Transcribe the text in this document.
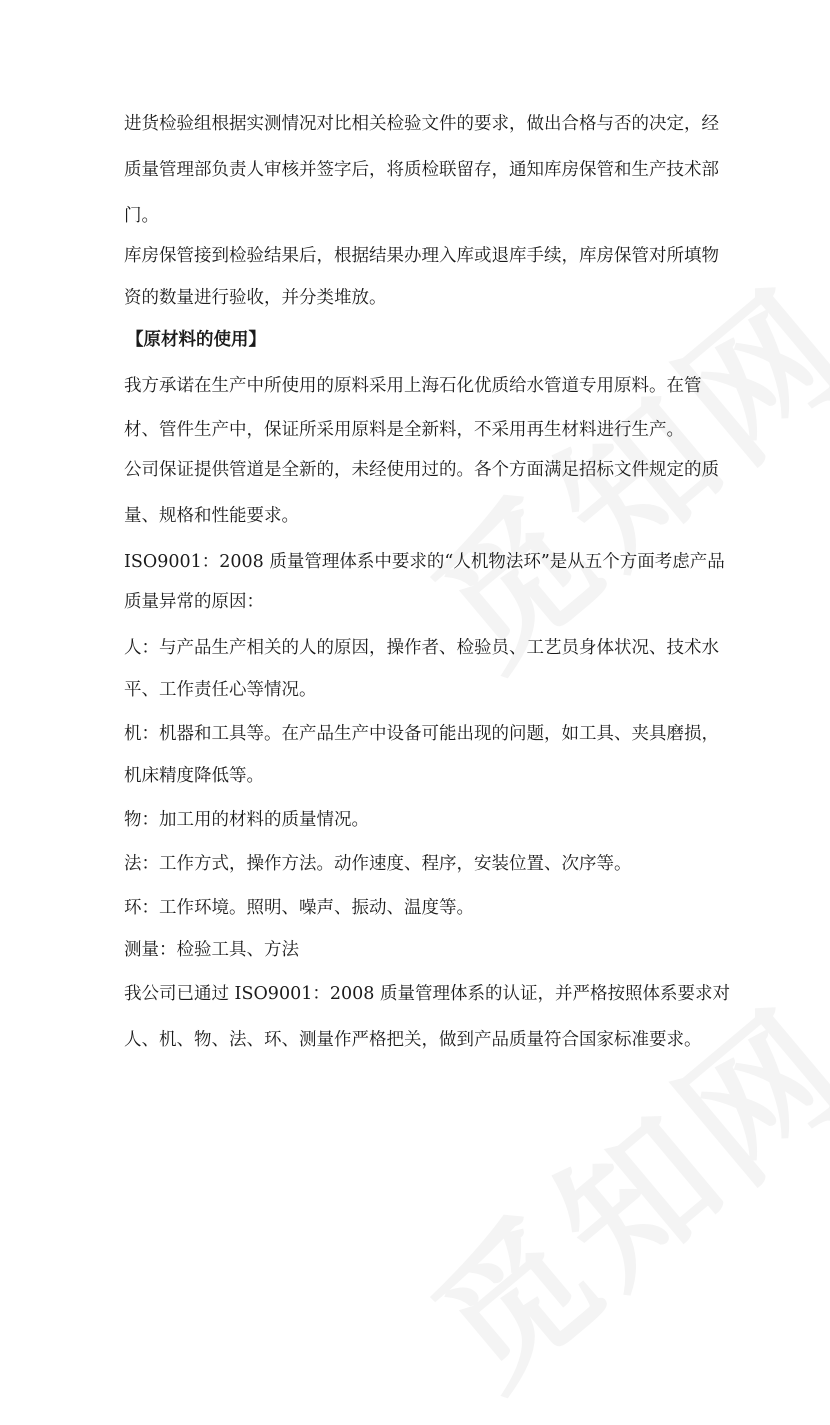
进货检验组根据实测情况对比相关检验文件的要求，做出合格与否的决定，经
质量管理部负责人审核并签字后，将质检联留存，通知库房保管和生产技术部
门。
库房保管接到检验结果后，根据结果办理入库或退库手续，库房保管对所填物
资的数量进行验收，并分类堆放。
【原材料的使用】
我方承诺在生产中所使用的原料采用上海石化优质给水管道专用原料。在管
材、管件生产中，保证所采用原料是全新料，不采用再生材料进行生产。
公司保证提供管道是全新的，未经使用过的。各个方面满足招标文件规定的质
量、规格和性能要求。
ISO9001：2008 质量管理体系中要求的“人机物法环”是从五个方面考虑产品
质量异常的原因：
人：与产品生产相关的人的原因，操作者、检验员、工艺员身体状况、技术水
平、工作责任心等情况。
机：机器和工具等。在产品生产中设备可能出现的问题，如工具、夹具磨损，
机床精度降低等。
物：加工用的材料的质量情况。
法：工作方式，操作方法。动作速度、程序，安装位置、次序等。
环：工作环境。照明、噪声、振动、温度等。
测量：检验工具、方法
我公司已通过 ISO9001：2008 质量管理体系的认证，并严格按照体系要求对
人、机、物、法、环、测量作严格把关，做到产品质量符合国家标准要求。
